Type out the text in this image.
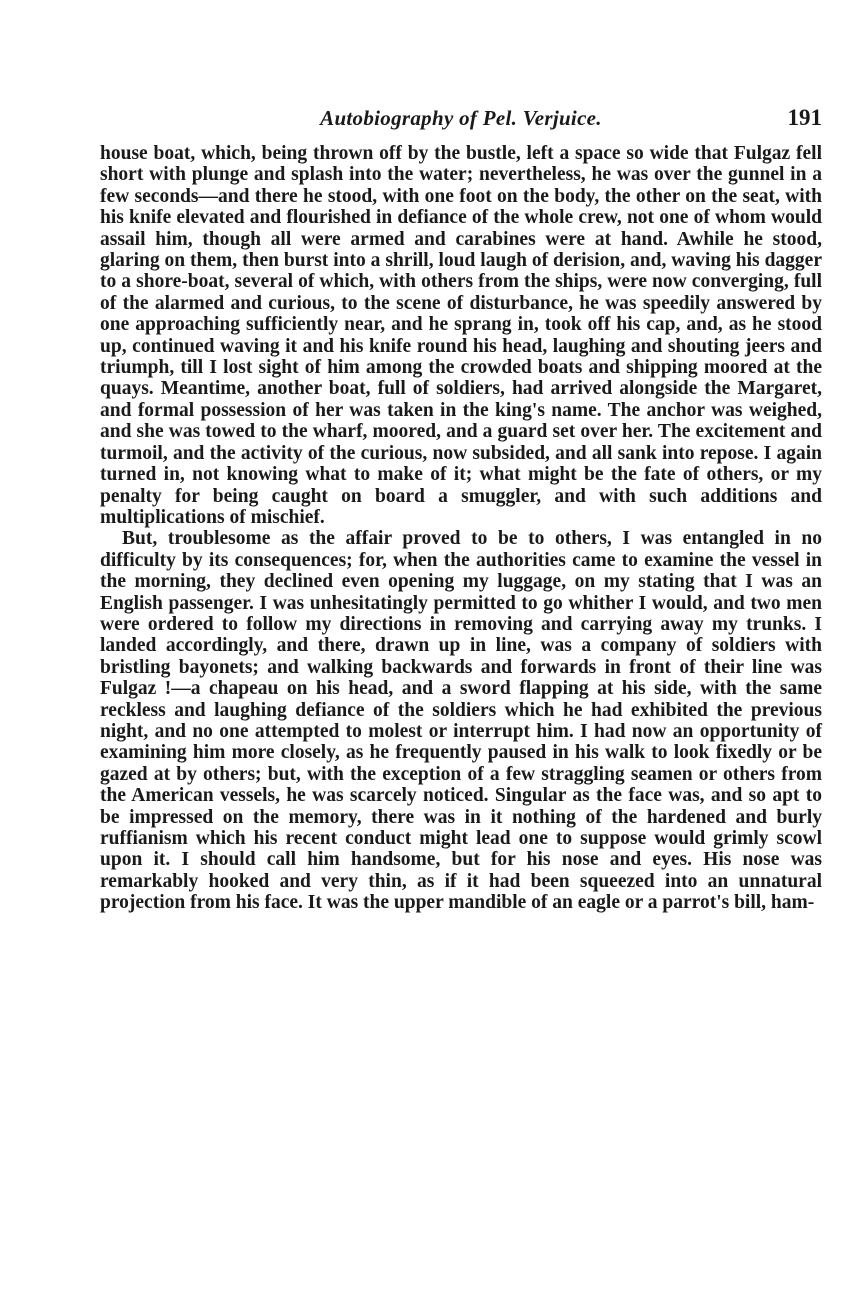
Autobiography of Pel. Verjuice.	191

house boat, which, being thrown off by the bustle, left a space so wide that Fulgaz fell short with plunge and splash into the water; nevertheless, he was over the gunnel in a few seconds—and there he stood, with one foot on the body, the other on the seat, with his knife elevated and flourished in defiance of the whole crew, not one of whom would assail him, though all were armed and carabines were at hand. Awhile he stood, glaring on them, then burst into a shrill, loud laugh of derision, and, waving his dagger to a shore-boat, several of which, with others from the ships, were now converging, full of the alarmed and curious, to the scene of disturbance, he was speedily answered by one approaching sufficiently near, and he sprang in, took off his cap, and, as he stood up, continued waving it and his knife round his head, laughing and shouting jeers and triumph, till I lost sight of him among the crowded boats and shipping moored at the quays. Meantime, another boat, full of soldiers, had arrived alongside the Margaret, and formal possession of her was taken in the king's name. The anchor was weighed, and she was towed to the wharf, moored, and a guard set over her. The excitement and turmoil, and the activity of the curious, now subsided, and all sank into repose. I again turned in, not knowing what to make of it; what might be the fate of others, or my penalty for being caught on board a smuggler, and with such additions and multiplications of mischief.

But, troublesome as the affair proved to be to others, I was entangled in no difficulty by its consequences; for, when the authorities came to examine the vessel in the morning, they declined even opening my luggage, on my stating that I was an English passenger. I was unhesitatingly permitted to go whither I would, and two men were ordered to follow my directions in removing and carrying away my trunks. I landed accordingly, and there, drawn up in line, was a company of soldiers with bristling bayonets; and walking backwards and forwards in front of their line was Fulgaz !—a chapeau on his head, and a sword flapping at his side, with the same reckless and laughing defiance of the soldiers which he had exhibited the previous night, and no one attempted to molest or interrupt him. I had now an opportunity of examining him more closely, as he frequently paused in his walk to look fixedly or be gazed at by others; but, with the exception of a few straggling seamen or others from the American vessels, he was scarcely noticed. Singular as the face was, and so apt to be impressed on the memory, there was in it nothing of the hardened and burly ruffianism which his recent conduct might lead one to suppose would grimly scowl upon it. I should call him handsome, but for his nose and eyes. His nose was remarkably hooked and very thin, as if it had been squeezed into an unnatural projection from his face. It was the upper mandible of an eagle or a parrot's bill, ham-
